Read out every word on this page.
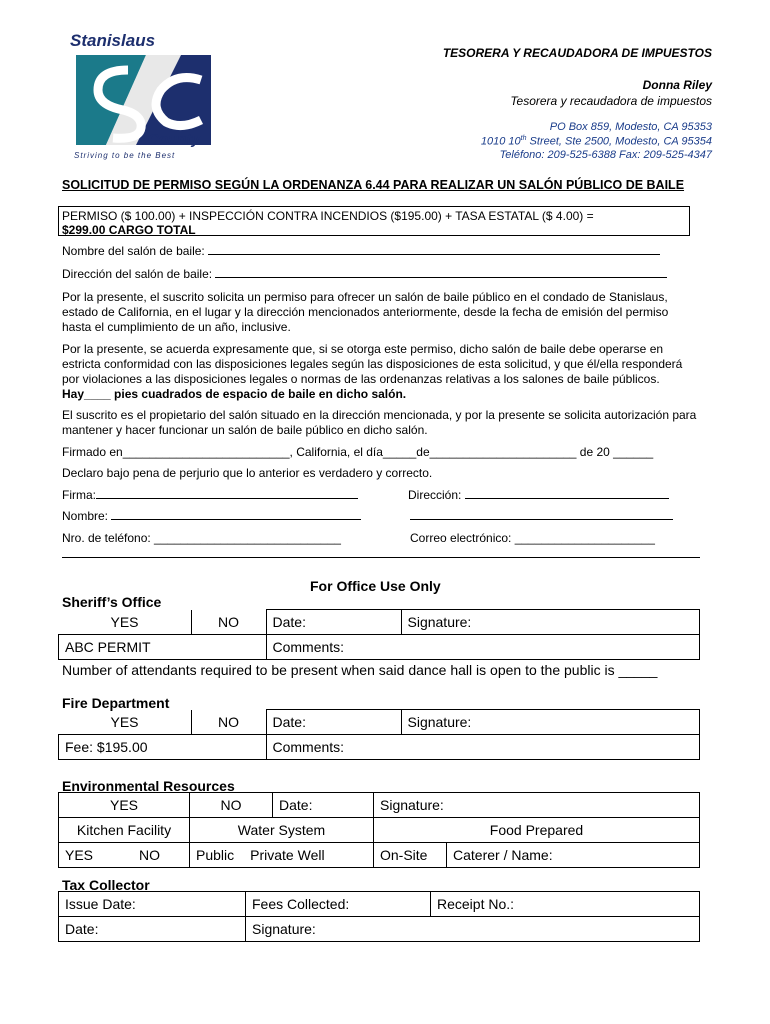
Stanislaus
County
Striving to be the Best
TESORERA Y RECAUDADORA DE IMPUESTOS
Donna Riley
Tesorera y recaudadora de impuestos
PO Box 859, Modesto, CA 95353
1010 10th Street, Ste 2500, Modesto, CA 95354
Teléfono: 209-525-6388 Fax: 209-525-4347
SOLICITUD DE PERMISO SEGÚN LA ORDENANZA 6.44 PARA REALIZAR UN SALÓN PÚBLICO DE BAILE
PERMISO ($ 100.00) + INSPECCIÓN CONTRA INCENDIOS ($195.00) + TASA ESTATAL ($ 4.00) =
$299.00 CARGO TOTAL
Nombre del salón de baile:
Dirección del salón de baile:
Por la presente, el suscrito solicita un permiso para ofrecer un salón de baile público en el condado de Stanislaus, estado de California, en el lugar y la dirección mencionados anteriormente, desde la fecha de emisión del permiso hasta el cumplimiento de un año, inclusive.
Por la presente, se acuerda expresamente que, si se otorga este permiso, dicho salón de baile debe operarse en estricta conformidad con las disposiciones legales según las disposiciones de esta solicitud, y que él/ella responderá por violaciones a las disposiciones legales o normas de las ordenanzas relativas a los salones de baile públicos. Hay____ pies cuadrados de espacio de baile en dicho salón.
El suscrito es el propietario del salón situado en la dirección mencionada, y por la presente se solicita autorización para mantener y hacer funcionar un salón de baile público en dicho salón.
Firmado en_________________________, California, el día_____de______________________ de 20 ______
Declaro bajo pena de perjurio que lo anterior es verdadero y correcto.
Firma:	Dirección:
Nombre:
Nro. de teléfono: ____________________________	Correo electrónico: _____________________
For Office Use Only
Sheriff’s Office
YES	NO	Date:	Signature:
ABC PERMIT		Comments:	
Number of attendants required to be present when said dance hall is open to the public is _____
Fire Department
YES	NO	Date:	Signature:
Fee: $195.00		Comments:	
Environmental Resources
YES	NO	Date:	Signature:	
Kitchen Facility	Water System		Food Prepared	
YES NO	Public Private Well		On-Site	Caterer / Name:
Tax Collector
Issue Date:	Fees Collected:	Receipt No.:
Date:	Signature:	
